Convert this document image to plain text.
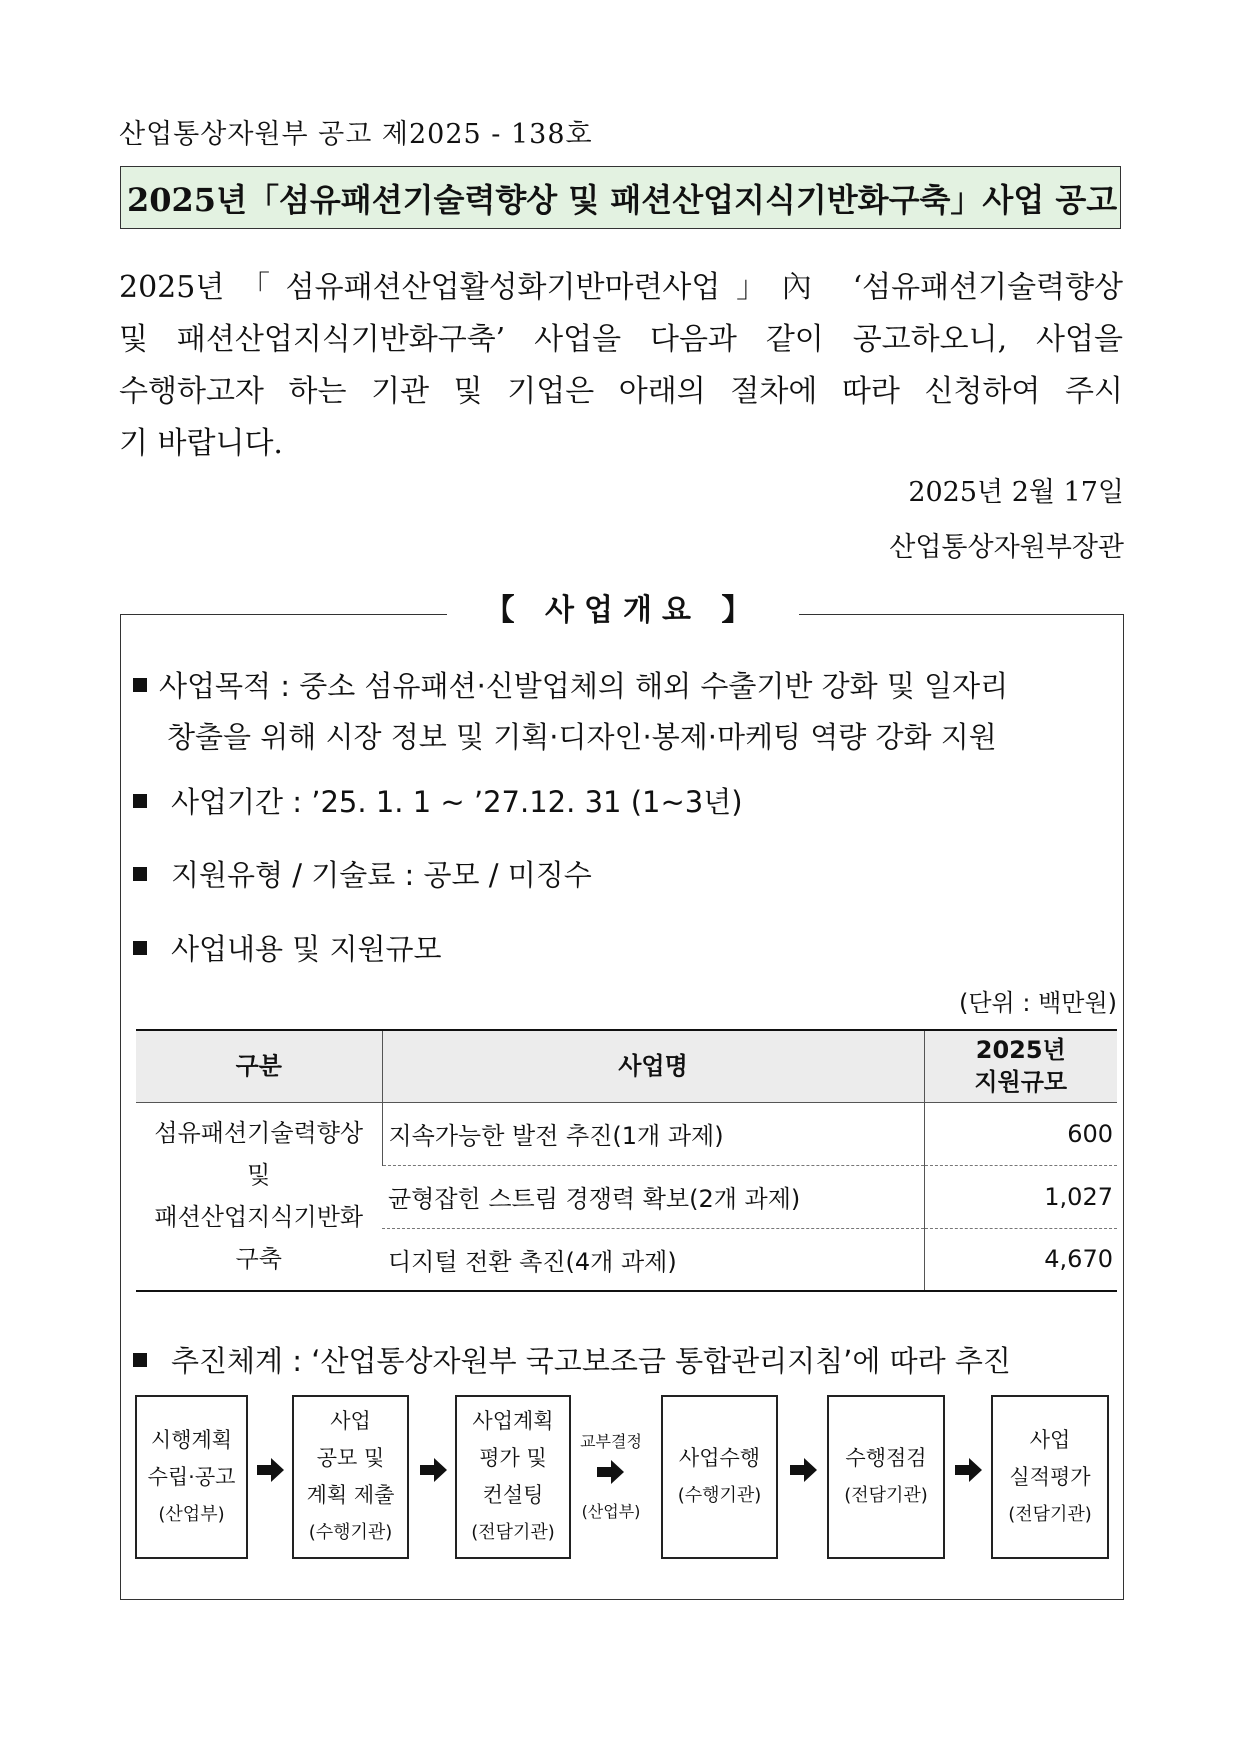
산업통상자원부 공고 제2025 - 138호
2025년「섬유패션기술력향상 및 패션산업지식기반화구축」사업 공고
2025년「섬유패션산업활성화기반마련사업」內 ‘섬유패션기술력향상
및 패션산업지식기반화구축’ 사업을 다음과 같이 공고하오니, 사업을
수행하고자 하는 기관 및 기업은 아래의 절차에 따라 신청하여 주시
기 바랍니다.
2025년 2월 17일
산업통상자원부장관
【 사업개요 】
사업목적 : 중소 섬유패션·신발업체의 해외 수출기반 강화 및 일자리
창출을 위해 시장 정보 및 기획·디자인·봉제·마케팅 역량 강화 지원
사업기간 : ’25. 1. 1 ~ ’27.12. 31 (1~3년)
지원유형 / 기술료 : 공모 / 미징수
사업내용 및 지원규모
(단위 : 백만원)
구분	사업명	2025년
지원규모
섬유패션기술력향상
및
패션산업지식기반화
구축	지속가능한 발전 추진(1개 과제)	600
	균형잡힌 스트림 경쟁력 확보(2개 과제)	1,027
	디지털 전환 촉진(4개 과제)	4,670
추진체계 : ‘산업통상자원부 국고보조금 통합관리지침’에 따라 추진
시행계획
수립·공고
(산업부)
사업
공모 및
계획 제출
(수행기관)
사업계획
평가 및
컨설팅
(전담기관)
교부결정
(산업부)
사업수행
(수행기관)
수행점검
(전담기관)
사업
실적평가
(전담기관)
